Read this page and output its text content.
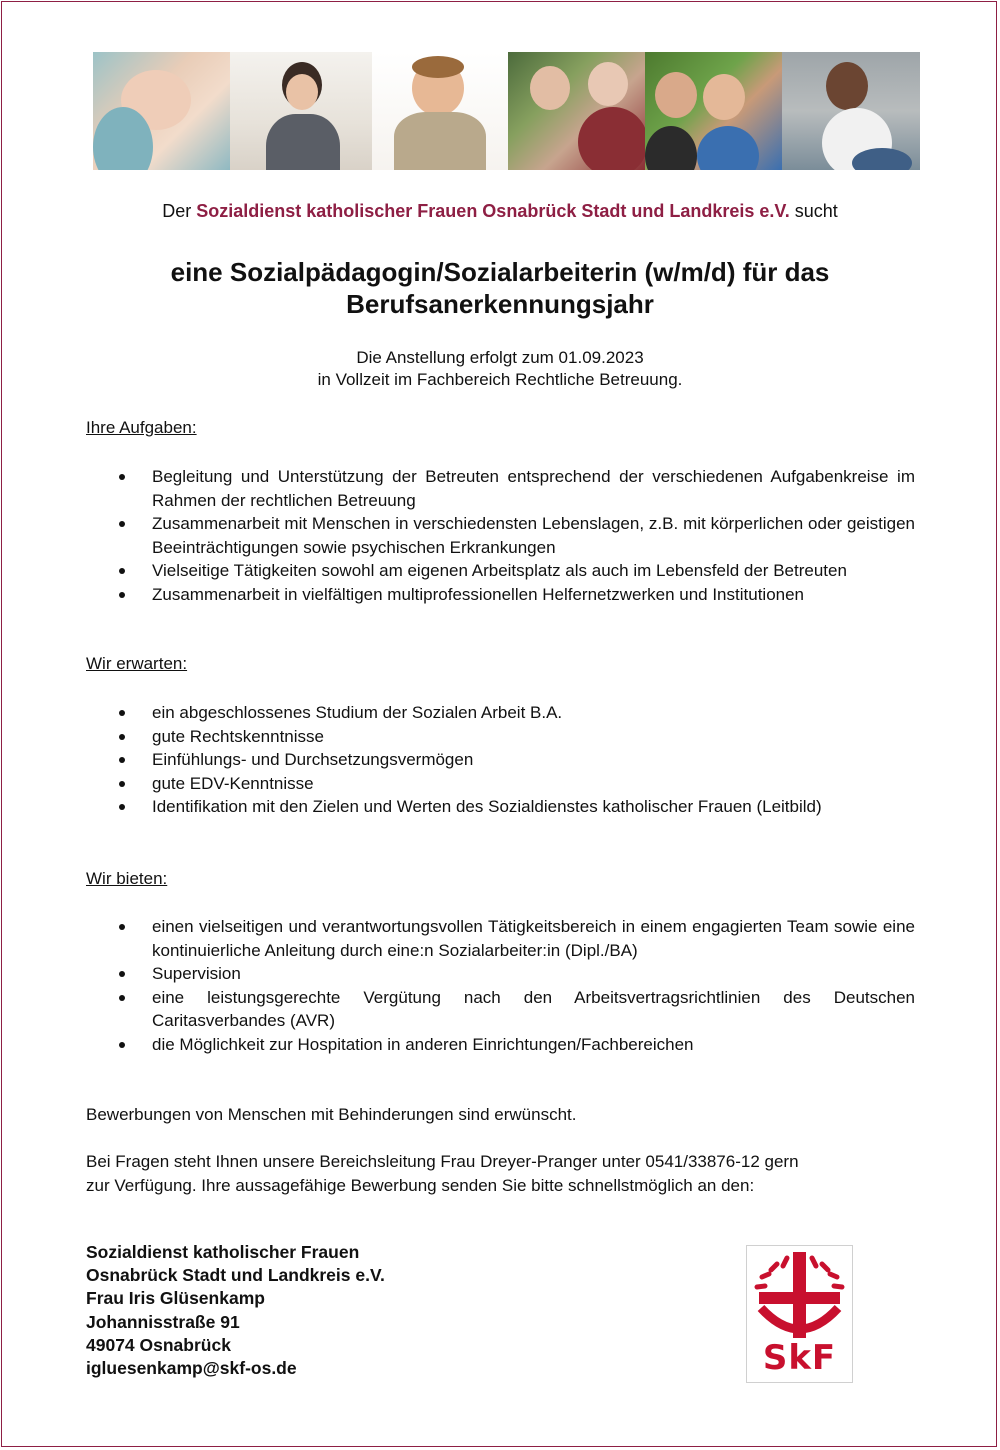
Der Sozialdienst katholischer Frauen Osnabrück Stadt und Landkreis e.V. sucht
eine Sozialpädagogin/Sozialarbeiterin (w/m/d) für das
Berufsanerkennungsjahr
Die Anstellung erfolgt zum 01.09.2023
in Vollzeit im Fachbereich Rechtliche Betreuung.
Ihre Aufgaben:
Begleitung und Unterstützung der Betreuten entsprechend der verschiedenen Aufgabenkreise im Rahmen der rechtlichen Betreuung
Zusammenarbeit mit Menschen in verschiedensten Lebenslagen, z.B. mit körperlichen oder geistigen Beeinträchtigungen sowie psychischen Erkrankungen
Vielseitige Tätigkeiten sowohl am eigenen Arbeitsplatz als auch im Lebensfeld der Betreuten
Zusammenarbeit in vielfältigen multiprofessionellen Helfernetzwerken und Institutionen
Wir erwarten:
ein abgeschlossenes Studium der Sozialen Arbeit B.A.
gute Rechtskenntnisse
Einfühlungs- und Durchsetzungsvermögen
gute EDV-Kenntnisse
Identifikation mit den Zielen und Werten des Sozialdienstes katholischer Frauen (Leitbild)
Wir bieten:
einen vielseitigen und verantwortungsvollen Tätigkeitsbereich in einem engagierten Team sowie eine kontinuierliche Anleitung durch eine:n Sozialarbeiter:in (Dipl./BA)
Supervision
eine leistungsgerechte Vergütung nach den Arbeitsvertragsrichtlinien des Deutschen Caritasverbandes (AVR)
die Möglichkeit zur Hospitation in anderen Einrichtungen/Fachbereichen
Bewerbungen von Menschen mit Behinderungen sind erwünscht.
Bei Fragen steht Ihnen unsere Bereichsleitung Frau Dreyer-Pranger unter 0541/33876-12 gern
zur Verfügung. Ihre aussagefähige Bewerbung senden Sie bitte schnellstmöglich an den:
Sozialdienst katholischer Frauen
Osnabrück Stadt und Landkreis e.V.
Frau Iris Glüsenkamp
Johannisstraße 91
49074 Osnabrück
igluesenkamp@skf-os.de	SkF
